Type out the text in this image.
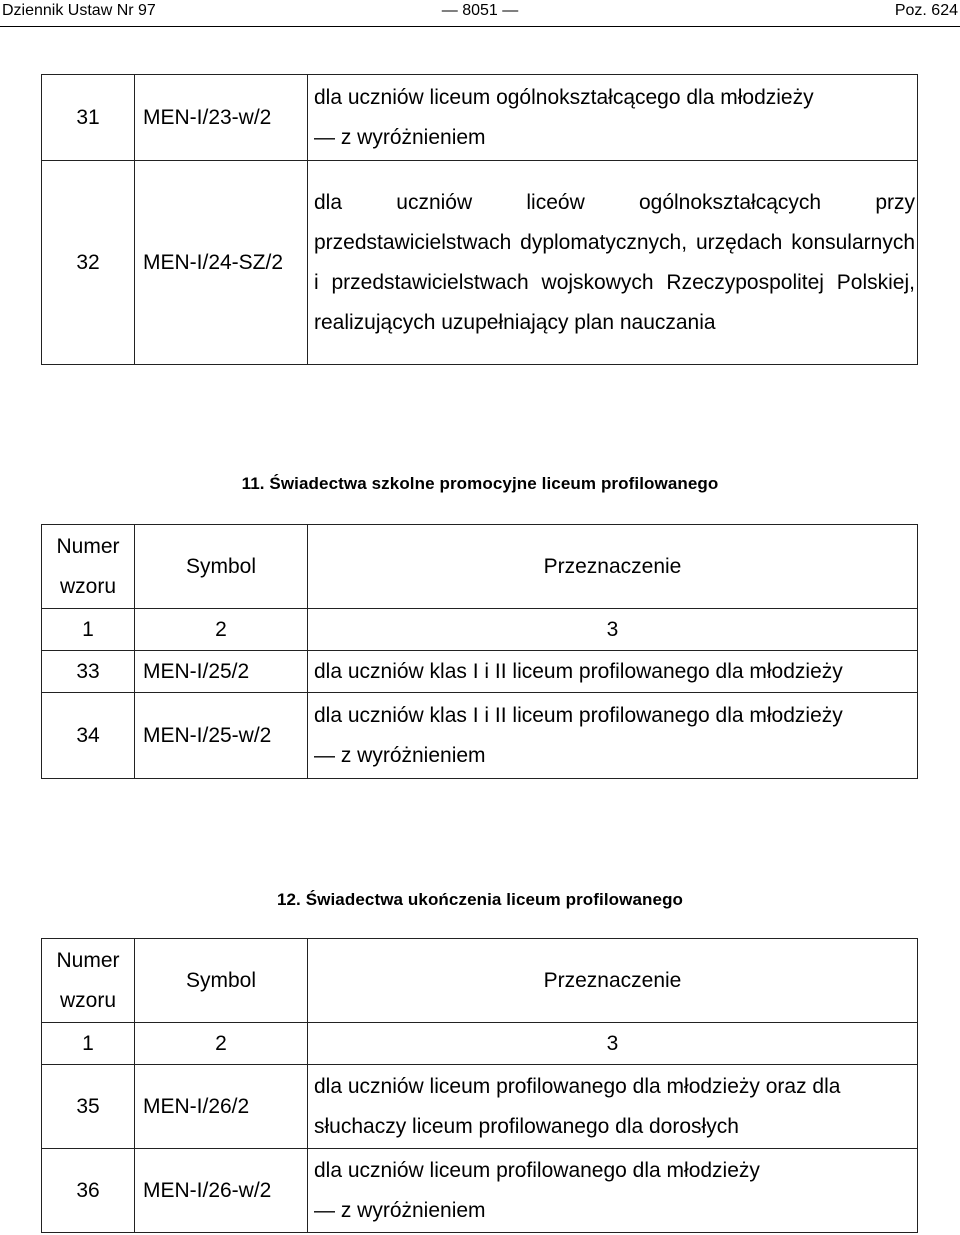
Dziennik Ustaw Nr 97	— 8051 —	Poz. 624
31	MEN-I/23-w/2	dla uczniów liceum ogólnokształcącego dla młodzieży
— z wyróżnieniem

32	MEN-I/24-SZ/2	dla uczniów liceów ogólnokształcących przy przedstawicielstwach dyplomatycznych, urzędach konsularnych i przedstawicielstwach wojskowych Rzeczypospolitej Polskiej, realizujących uzupełniający plan nauczania
11. Świadectwa szkolne promocyjne liceum profilowanego
Numer wzoru	Symbol	Przeznaczenie
1	2	3
33	MEN-I/25/2	dla uczniów klas I i II liceum profilowanego dla młodzieży
34	MEN-I/25-w/2	dla uczniów klas I i II liceum profilowanego dla młodzieży
— z wyróżnieniem
12. Świadectwa ukończenia liceum profilowanego
Numer wzoru	Symbol	Przeznaczenie
1	2	3
35	MEN-I/26/2	dla uczniów liceum profilowanego dla młodzieży oraz dla
słuchaczy liceum profilowanego dla dorosłych

36	MEN-I/26-w/2	dla uczniów liceum profilowanego dla młodzieży
— z wyróżnieniem
